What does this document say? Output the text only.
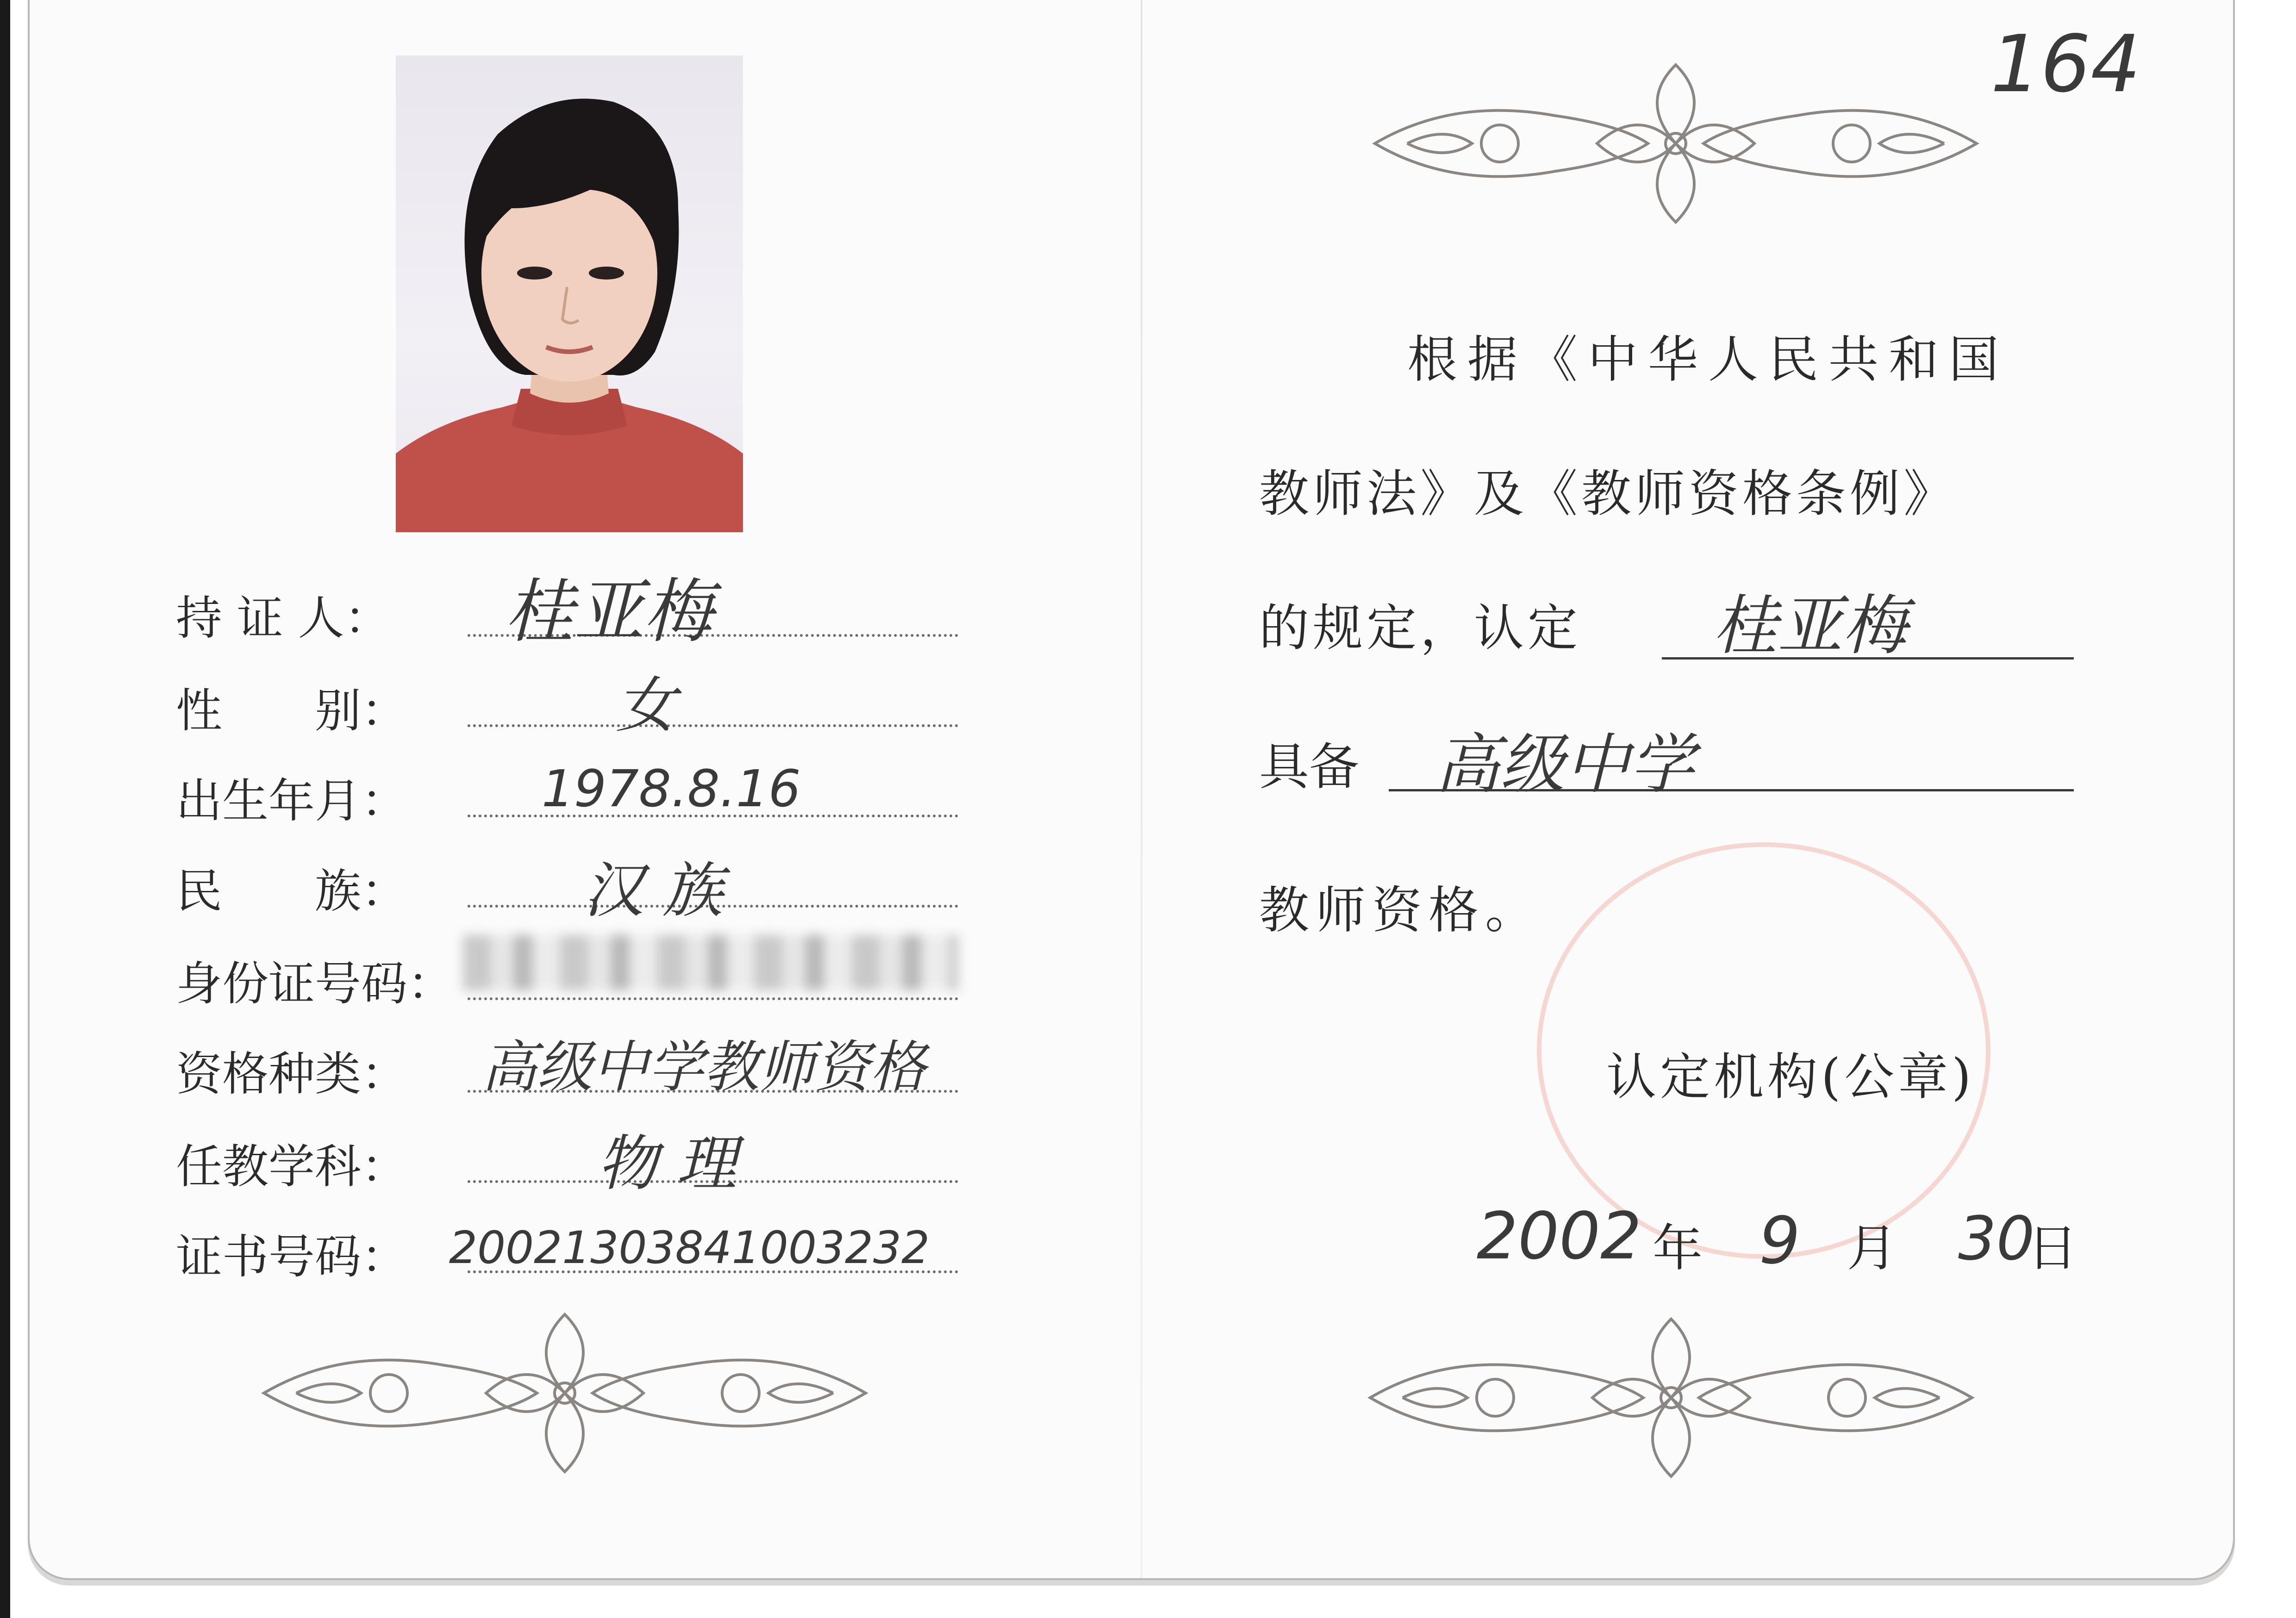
持 证 人：
性　　别：
出生年月：
民　　族：
身份证号码：
资格种类：
任教学科：
证书号码：
桂亚梅
女
1978.8.16
汉 族
高级中学教师资格
物 理
20021303841003232
164
根据《中华人民共和国
教师法》及《教师资格条例》
的规定，认定 桂亚梅
具备 高级中学
教师资格。
认定机构(公章)
2002 年 9 月 30
日
